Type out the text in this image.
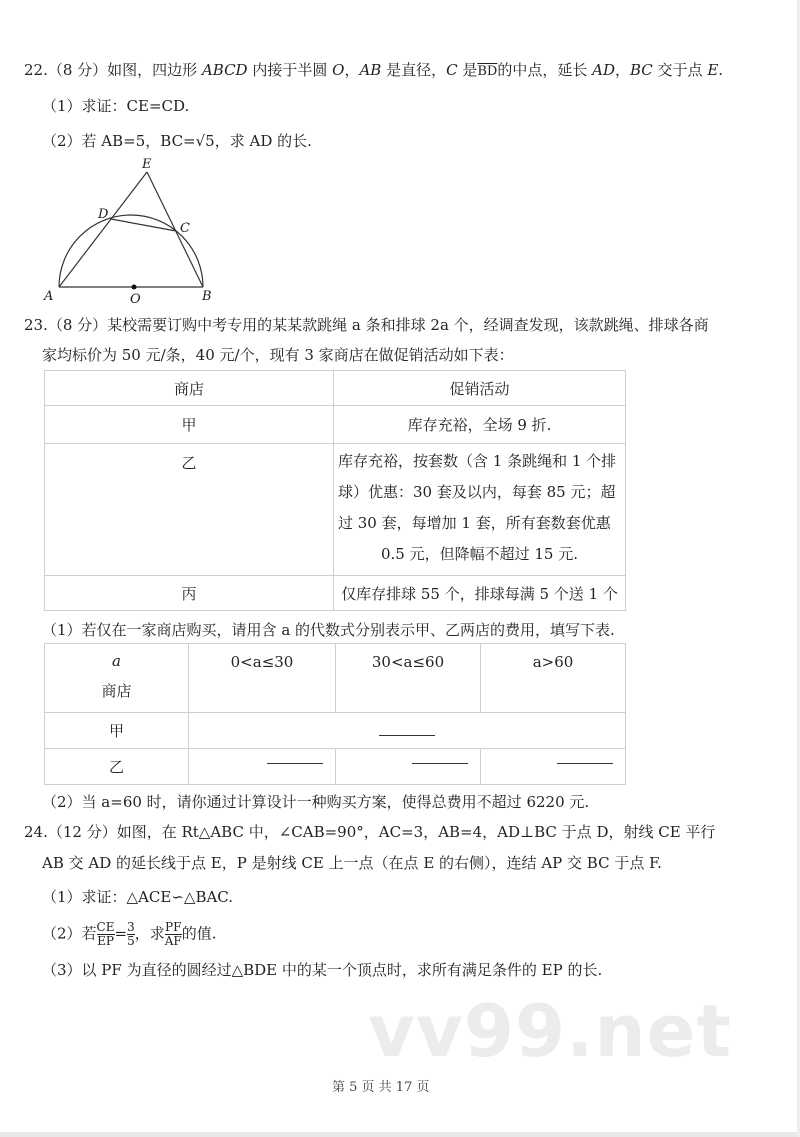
22.（8 分）如图，四边形 ABCD 内接于半圆 O，AB 是直径，C 是$\overline{BD}$的中点，延长 AD，BC 交于点 E.
（1）求证：CE=CD.
（2）若 AB=5，BC=√5，求 AD 的长.
E
D
C
A	O	B
23.（8 分）某校需要订购中考专用的某某款跳绳 a 条和排球 2a 个，经调查发现，该款跳绳、排球各商
家均标价为 50 元/条，40 元/个，现有 3 家商店在做促销活动如下表：
商店	促销活动
甲	库存充裕，全场 9 折.
乙	库存充裕，按套数（含 1 条跳绳和 1 个排
球）优惠：30 套及以内，每套 85 元；超
过 30 套，每增加 1 套，所有套数套优惠
0.5 元，但降幅不超过 15 元.

丙	仅库存排球 55 个，排球每满 5 个送 1 个
（1）若仅在一家商店购买，请用含 a 的代数式分别表示甲、乙两店的费用，填写下表.
a
商店	0<a≤30	30<a≤60	a>60
甲			
乙			
（2）当 a=60 时，请你通过计算设计一种购买方案，使得总费用不超过 6220 元.
24.（12 分）如图，在 Rt△ABC 中，∠CAB=90°，AC=3，AB=4，AD⊥BC 于点 D，射线 CE 平行
AB 交 AD 的延长线于点 E，P 是射线 CE 上一点（在点 E 的右侧），连结 AP 交 BC 于点 F.
（1）求证：△ACE∽△BAC.
（2）若 $\frac{CE}{EP} = \frac{3}{5}$ ，求 $\frac{PF}{AF}$ 的值.
（3）以 PF 为直径的圆经过△BDE 中的某一个顶点时，求所有满足条件的 EP 的长.
vv99.net
第 5 页 共 17 页
